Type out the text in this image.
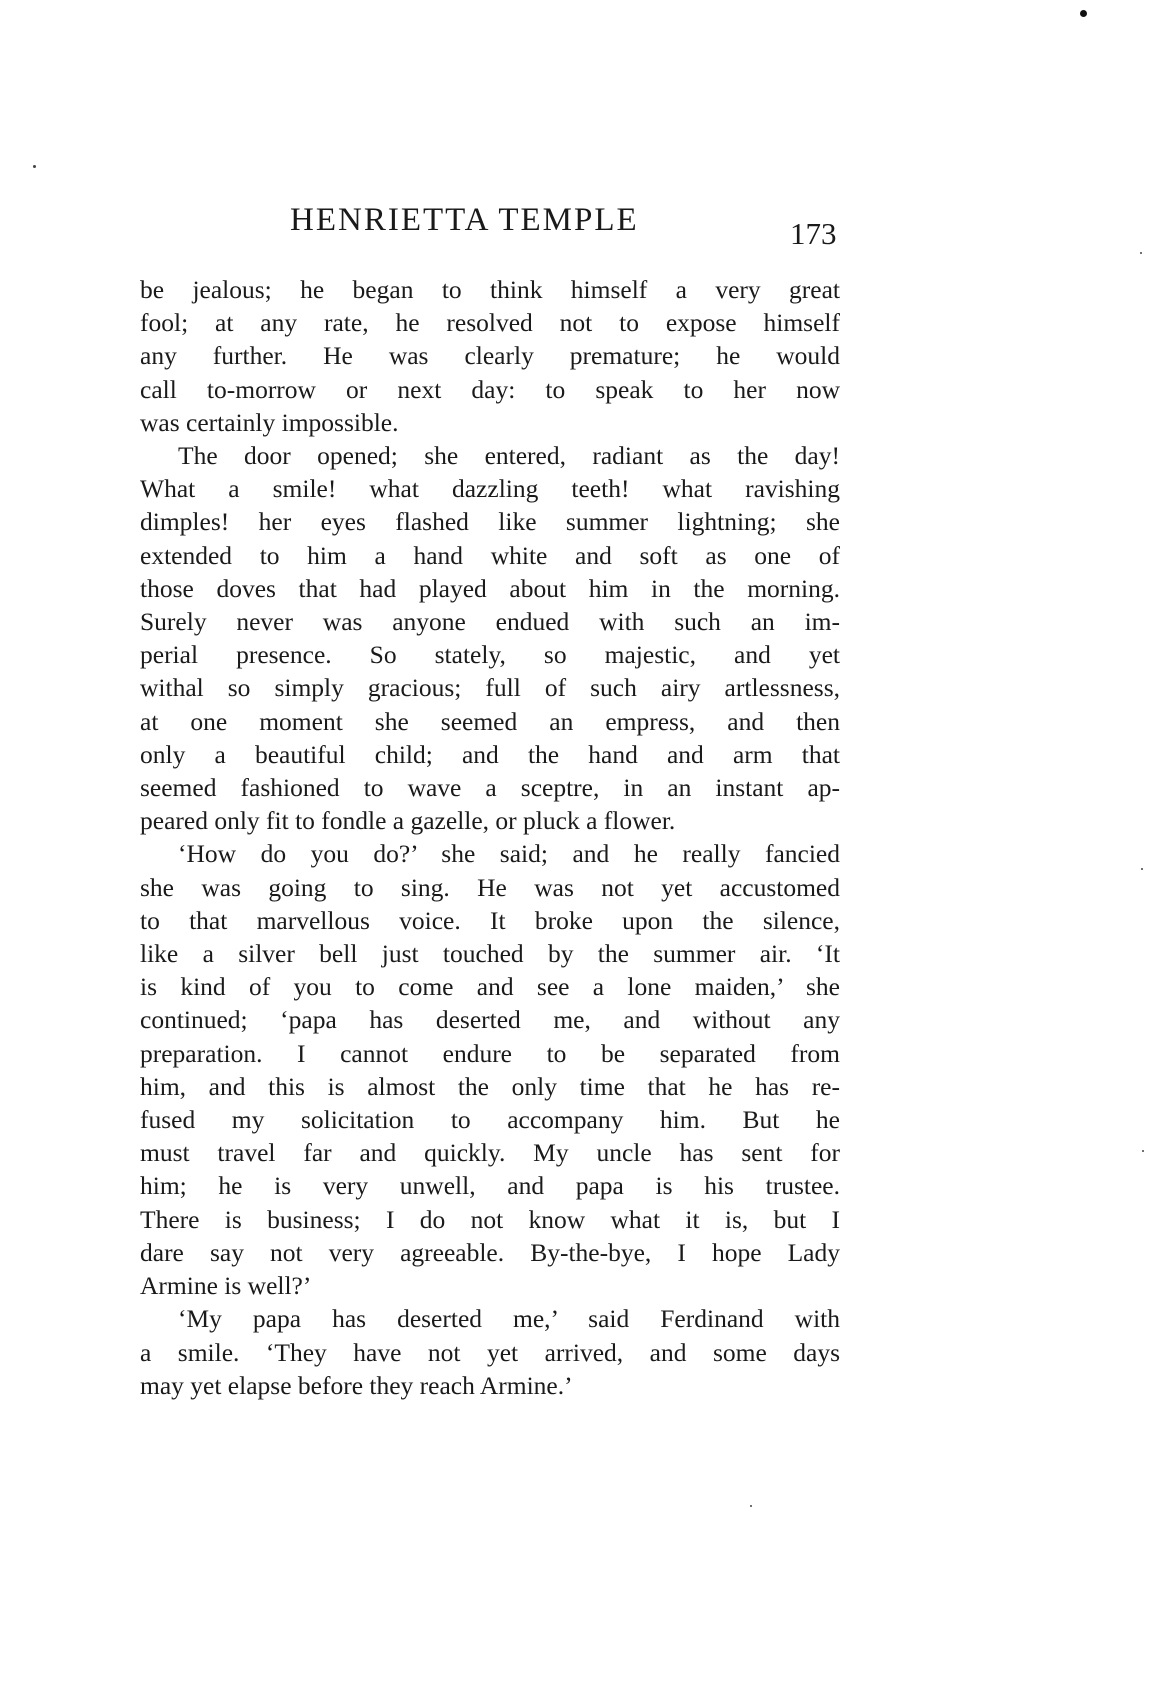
HENRIETTA TEMPLE	173

be jealous; he began to think himself a very great
fool; at any rate, he resolved not to expose himself
any further. He was clearly premature; he would
call to-morrow or next day: to speak to her now
was certainly impossible.

The door opened; she entered, radiant as the day!
What a smile! what dazzling teeth! what ravishing
dimples! her eyes flashed like summer lightning; she
extended to him a hand white and soft as one of
those doves that had played about him in the morning.
Surely never was anyone endued with such an im-
perial presence. So stately, so majestic, and yet
withal so simply gracious; full of such airy artlessness,
at one moment she seemed an empress, and then
only a beautiful child; and the hand and arm that
seemed fashioned to wave a sceptre, in an instant ap-
peared only fit to fondle a gazelle, or pluck a flower.

‘How do you do?’ she said; and he really fancied
she was going to sing. He was not yet accustomed
to that marvellous voice. It broke upon the silence,
like a silver bell just touched by the summer air. ‘It
is kind of you to come and see a lone maiden,’ she
continued; ‘papa has deserted me, and without any
preparation. I cannot endure to be separated from
him, and this is almost the only time that he has re-
fused my solicitation to accompany him. But he
must travel far and quickly. My uncle has sent for
him; he is very unwell, and papa is his trustee.
There is business; I do not know what it is, but I
dare say not very agreeable. By-the-bye, I hope Lady
Armine is well?’

‘My papa has deserted me,’ said Ferdinand with
a smile. ‘They have not yet arrived, and some days
may yet elapse before they reach Armine.’
